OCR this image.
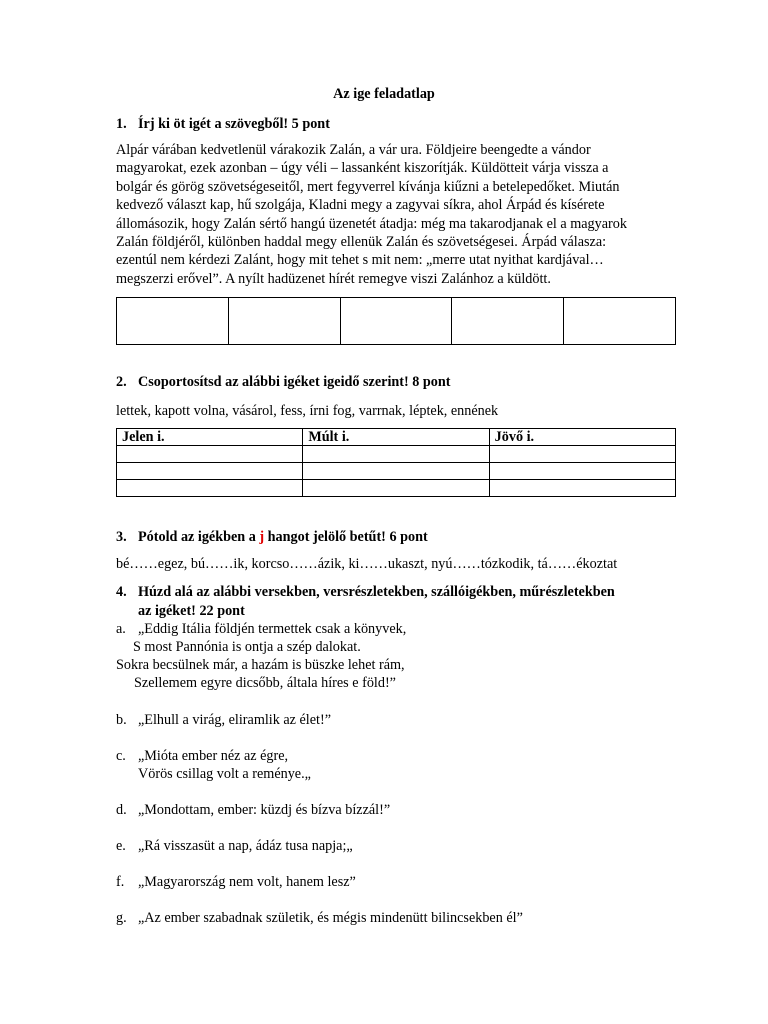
Az ige feladatlap
1. Írj ki öt igét a szövegből! 5 pont
Alpár várában kedvetlenül várakozik Zalán, a vár ura. Földjeire beengedte a vándor
magyarokat, ezek azonban – úgy véli – lassanként kiszorítják. Küldötteit várja vissza a
bolgár és görög szövetségeseitől, mert fegyverrel kívánja kiűzni a betelepedőket. Miután
kedvező választ kap, hű szolgája, Kladni megy a zagyvai síkra, ahol Árpád és kísérete
állomásozik, hogy Zalán sértő hangú üzenetét átadja: még ma takarodjanak el a magyarok
Zalán földjéről, különben haddal megy ellenük Zalán és szövetségesei. Árpád válasza:
ezentúl nem kérdezi Zalánt, hogy mit tehet s mit nem: „merre utat nyithat kardjával…
megszerzi erővel”. A nyílt hadüzenet hírét remegve viszi Zalánhoz a küldött.

2. Csoportosítsd az alábbi igéket igeidő szerint! 8 pont
lettek, kapott volna, vásárol, fess, írni fog, varrnak, léptek, ennének
Jelen i.	Múlt i.	Jövő i.

3. Pótold az igékben a j hangot jelölő betűt! 6 pont
bé……egez, bú……ik, korcso……ázik, ki……ukaszt, nyú……tózkodik, tá……ékoztat
4. Húzd alá az alábbi versekben, versrészletekben, szállóigékben, műrészletekben
az igéket! 22 pont
a. „Eddig Itália földjén termettek csak a könyvek,
S most Pannónia is ontja a szép dalokat.
Sokra becsülnek már, a hazám is büszke lehet rám,
Szellemem egyre dicsőbb, általa híres e föld!”
b. „Elhull a virág, eliramlik az élet!”
c. „Mióta ember néz az égre,
Vörös csillag volt a reménye.„
d. „Mondottam, ember: küzdj és bízva bízzál!”
e. „Rá visszasüt a nap, ádáz tusa napja;„
f. „Magyarország nem volt, hanem lesz”
g. „Az ember szabadnak születik, és mégis mindenütt bilincsekben él”
